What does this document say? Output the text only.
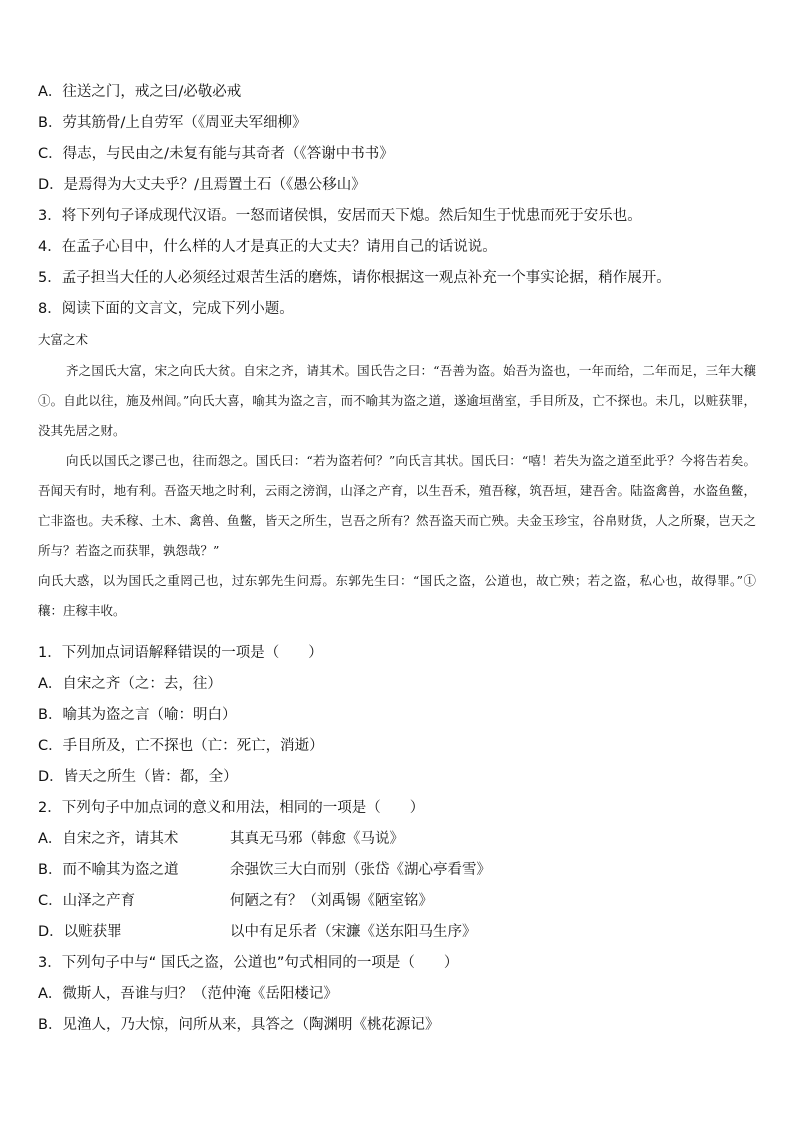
A．往送之门，戒之曰/必敬必戒
B．劳其筋骨/上自劳军（《周亚夫军细柳》
C．得志，与民由之/未复有能与其奇者（《答谢中书书》
D．是焉得为大丈夫乎？/且焉置土石（《愚公移山》
3．将下列句子译成现代汉语。一怒而诸侯惧，安居而天下熄。然后知生于忧患而死于安乐也。
4．在孟子心目中，什么样的人才是真正的大丈夫？请用自己的话说说。
5．孟子担当大任的人必须经过艰苦生活的磨炼，请你根据这一观点补充一个事实论据，稍作展开。
8．阅读下面的文言文，完成下列小题。
大富之术

齐之国氏大富，宋之向氏大贫。自宋之齐，请其术。国氏告之曰：“吾善为盗。始吾为盗也，一年而给，二年而足，三年大穰①。自此以往，施及州闾。”向氏大喜，喻其为盗之言，而不喻其为盗之道，遂逾垣凿室，手目所及，亡不探也。未几，以赃获罪，没其先居之财。

向氏以国氏之谬己也，往而怨之。国氏曰：“若为盗若何？”向氏言其状。国氏曰：“嘻！若失为盗之道至此乎？今将告若矣。吾闻天有时，地有利。吾盗天地之时利，云雨之滂润，山泽之产育，以生吾禾，殖吾稼，筑吾垣，建吾舍。陆盗禽兽，水盗鱼鳖，亡非盗也。夫禾稼、土木、禽兽、鱼鳖，皆天之所生，岂吾之所有？然吾盗天而亡殃。夫金玉珍宝，谷帛财货，人之所聚，岂天之所与？若盗之而获罪，孰怨哉？”

向氏大惑，以为国氏之重罔己也，过东郭先生问焉。东郭先生曰：“国氏之盗，公道也，故亡殃；若之盗，私心也，故得罪。”①穰：庄稼丰收。

1．下列加点词语解释错误的一项是（　　）
A．自宋之齐（之：去，往）
B．喻其为盗之言（喻：明白）
C．手目所及，亡不探也（亡：死亡，消逝）
D．皆天之所生（皆：都，全）
2．下列句子中加点词的意义和用法，相同的一项是（　　）
A．自宋之齐，请其术	其真无马邪（韩愈《马说》
B．而不喻其为盗之道	余强饮三大白而别（张岱《湖心亭看雪》
C．山泽之产育	何陋之有？（刘禹锡《陋室铭》
D．以赃获罪	以中有足乐者（宋濂《送东阳马生序》
3．下列句子中与“ 国氏之盗，公道也”句式相同的一项是（　　）
A．微斯人，吾谁与归？（范仲淹《岳阳楼记》
B．见渔人，乃大惊，问所从来，具答之（陶渊明《桃花源记》
